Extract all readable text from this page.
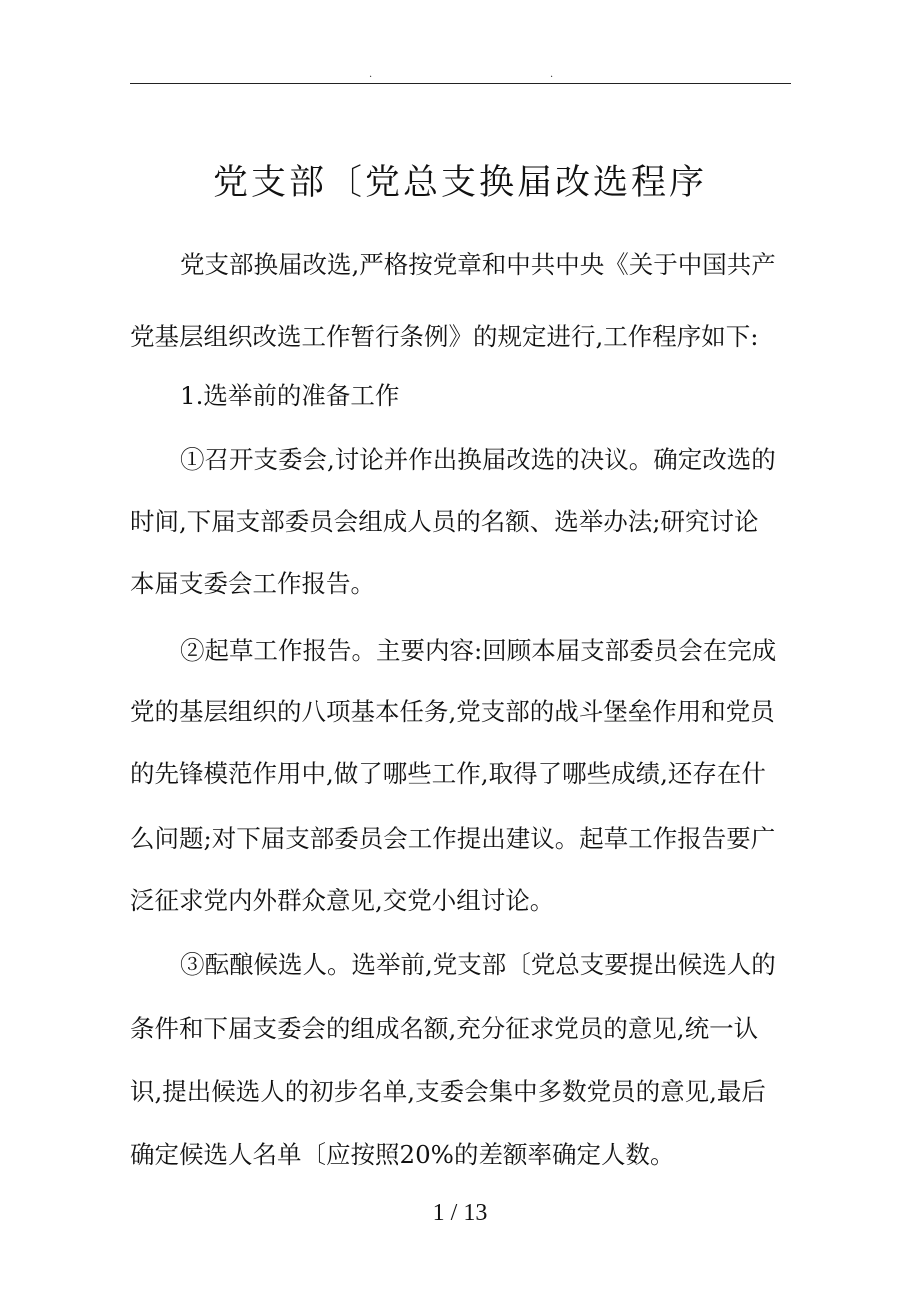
.	.
党支部〔党总支换届改选程序
党支部换届改选,严格按党章和中共中央《关于中国共产
党基层组织改选工作暂行条例》的规定进行,工作程序如下:
1.选举前的准备工作
①召开支委会,讨论并作出换届改选的决议。确定改选的
时间,下届支部委员会组成人员的名额、选举办法;研究讨论
本届支委会工作报告。
②起草工作报告。主要内容:回顾本届支部委员会在完成
党的基层组织的八项基本任务,党支部的战斗堡垒作用和党员
的先锋模范作用中,做了哪些工作,取得了哪些成绩,还存在什
么问题;对下届支部委员会工作提出建议。起草工作报告要广
泛征求党内外群众意见,交党小组讨论。
③酝酿候选人。选举前,党支部〔党总支要提出候选人的
条件和下届支委会的组成名额,充分征求党员的意见,统一认
识,提出候选人的初步名单,支委会集中多数党员的意见,最后
确定候选人名单〔应按照20%的差额率确定人数。
1 / 13
